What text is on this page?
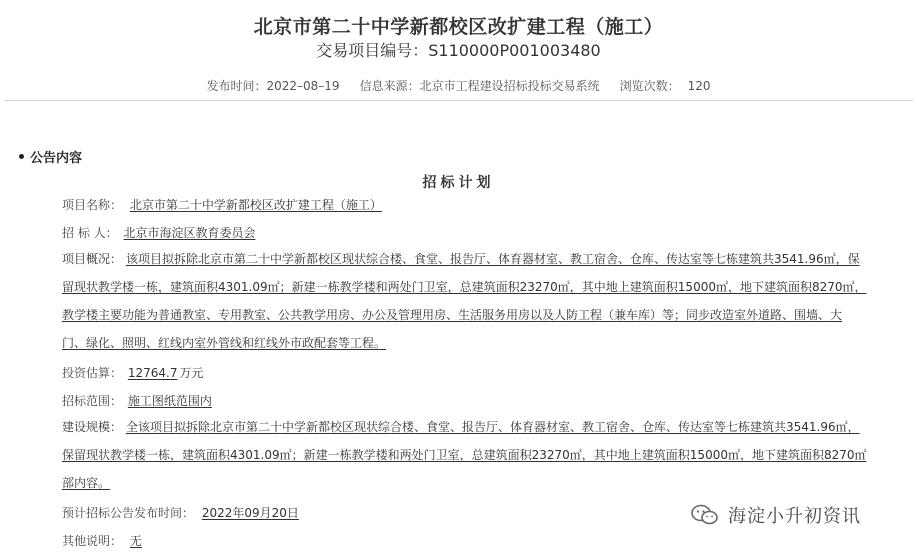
北京市第二十中学新都校区改扩建工程（施工）
交易项目编号：S110000P001003480
发布时间：2022–08–19 信息来源：北京市工程建设招标投标交易系统 浏览次数： 120
公告内容
招标计划
项目名称： 北京市第二十中学新都校区改扩建工程（施工）
招 标 人： 北京市海淀区教育委员会
项目概况： 该项目拟拆除北京市第二十中学新都校区现状综合楼、食堂、报告厅、体育器材室、教工宿舍、仓库、传达室等七栋建筑共3541.96㎡，保
留现状教学楼一栋，建筑面积4301.09㎡；新建一栋教学楼和两处门卫室，总建筑面积23270㎡，其中地上建筑面积15000㎡，地下建筑面积8270㎡，
教学楼主要功能为普通教室、专用教室、公共教学用房、办公及管理用房、生活服务用房以及人防工程（兼车库）等；同步改造室外道路、围墙、大
门、绿化、照明、红线内室外管线和红线外市政配套等工程。
投资估算： 12764.7 万元
招标范围： 施工图纸范围内
建设规模： 全该项目拟拆除北京市第二十中学新都校区现状综合楼、食堂、报告厅、体育器材室、教工宿舍、仓库、传达室等七栋建筑共3541.96㎡，
保留现状教学楼一栋，建筑面积4301.09㎡；新建一栋教学楼和两处门卫室，总建筑面积23270㎡，其中地上建筑面积15000㎡，地下建筑面积8270㎡
部内容。
预计招标公告发布时间： 2022年09月20日
其他说明： 无
海淀小升初资讯
